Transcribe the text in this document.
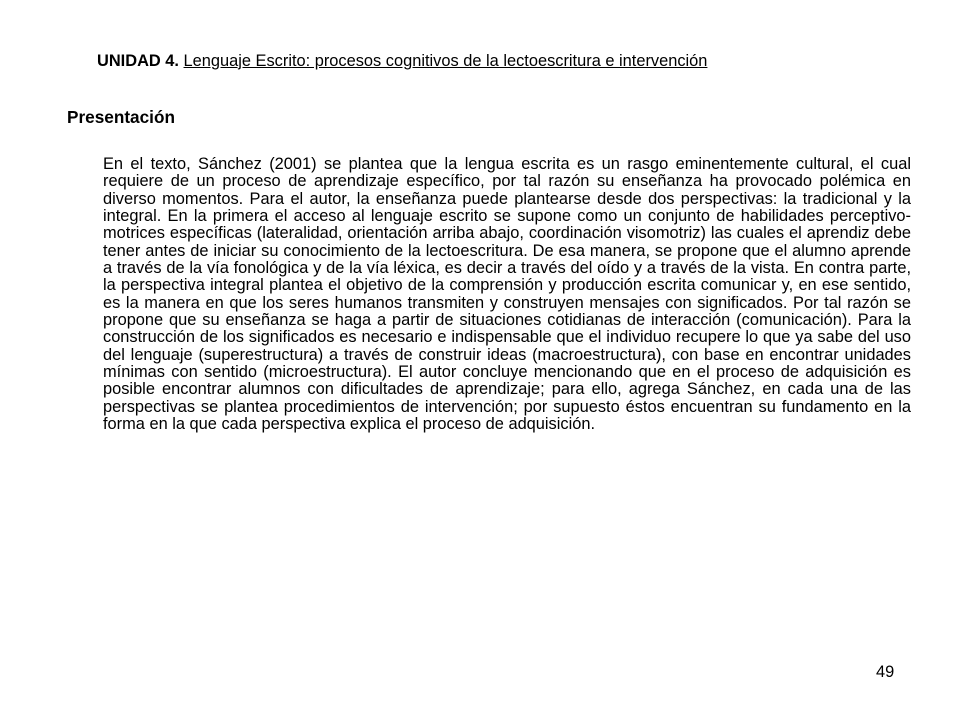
UNIDAD 4. Lenguaje Escrito: procesos cognitivos de la lectoescritura e intervención
Presentación

En el texto, Sánchez (2001) se plantea que la lengua escrita es un rasgo eminentemente cultural, el cual requiere de un proceso de aprendizaje específico, por tal razón su enseñanza ha provocado polémica en diverso momentos. Para el autor, la enseñanza puede plantearse desde dos perspectivas: la tradicional y la integral. En la primera el acceso al lenguaje escrito se supone como un conjunto de habilidades perceptivo-motrices específicas (lateralidad, orientación arriba abajo, coordinación visomotriz) las cuales el aprendiz debe tener antes de iniciar su conocimiento de la lectoescritura. De esa manera, se propone que el alumno aprende a través de la vía fonológica y de la vía léxica, es decir a través del oído y a través de la vista. En contra parte, la perspectiva integral plantea el objetivo de la comprensión y producción escrita comunicar y, en ese sentido, es la manera en que los seres humanos transmiten y construyen mensajes con significados. Por tal razón se propone que su enseñanza se haga a partir de situaciones cotidianas de interacción (comunicación). Para la construcción de los significados es necesario e indispensable que el individuo recupere lo que ya sabe del uso del lenguaje (superestructura) a través de construir ideas (macroestructura), con base en encontrar unidades mínimas con sentido (microestructura). El autor concluye mencionando que en el proceso de adquisición es posible encontrar alumnos con dificultades de aprendizaje; para ello, agrega Sánchez, en cada una de las perspectivas se plantea procedimientos de intervención; por supuesto éstos encuentran su fundamento en la forma en la que cada perspectiva explica el proceso de adquisición.

49
